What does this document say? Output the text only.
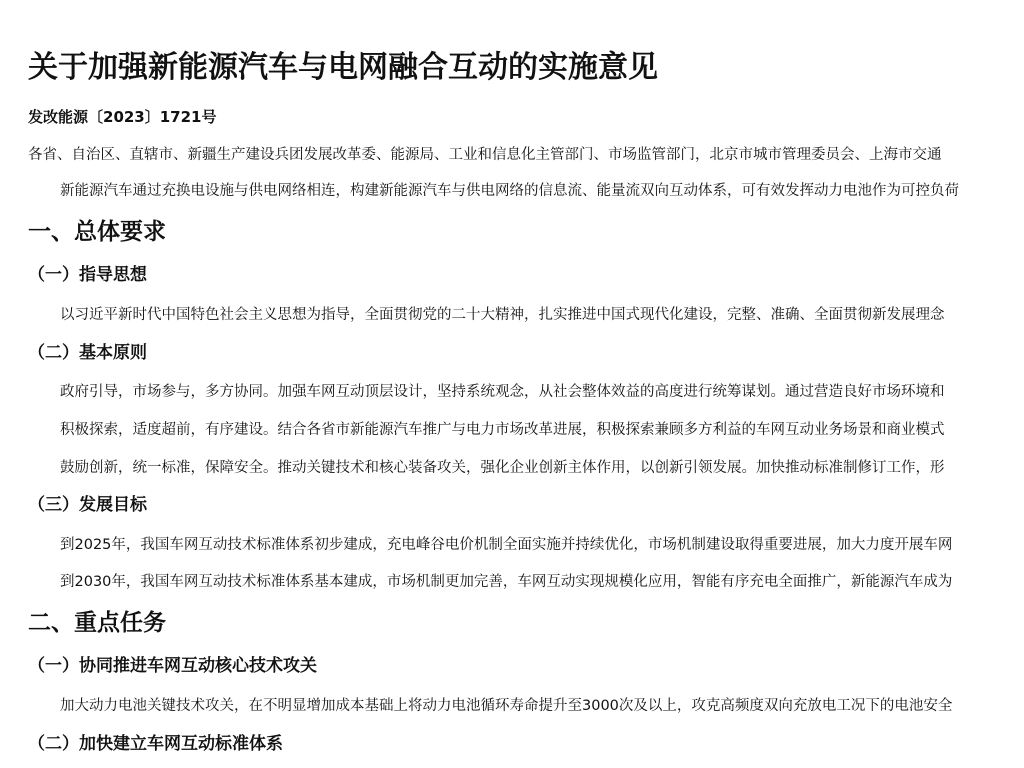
关于加强新能源汽车与电网融合互动的实施意见
发改能源〔2023〕1721号

各省、自治区、直辖市、新疆生产建设兵团发展改革委、能源局、工业和信息化主管部门、市场监管部门，北京市城市管理委员会、上海市交通

新能源汽车通过充换电设施与供电网络相连，构建新能源汽车与供电网络的信息流、能量流双向互动体系，可有效发挥动力电池作为可控负荷

一、总体要求
（一）指导思想

以习近平新时代中国特色社会主义思想为指导，全面贯彻党的二十大精神，扎实推进中国式现代化建设，完整、准确、全面贯彻新发展理念

（二）基本原则

政府引导，市场参与，多方协同。加强车网互动顶层设计，坚持系统观念，从社会整体效益的高度进行统筹谋划。通过营造良好市场环境和

积极探索，适度超前，有序建设。结合各省市新能源汽车推广与电力市场改革进展，积极探索兼顾多方利益的车网互动业务场景和商业模式

鼓励创新，统一标准，保障安全。推动关键技术和核心装备攻关，强化企业创新主体作用，以创新引领发展。加快推动标准制修订工作，形

（三）发展目标

到2025年，我国车网互动技术标准体系初步建成，充电峰谷电价机制全面实施并持续优化，市场机制建设取得重要进展，加大力度开展车网

到2030年，我国车网互动技术标准体系基本建成，市场机制更加完善，车网互动实现规模化应用，智能有序充电全面推广，新能源汽车成为

二、重点任务
（一）协同推进车网互动核心技术攻关

加大动力电池关键技术攻关，在不明显增加成本基础上将动力电池循环寿命提升至3000次及以上，攻克高频度双向充放电工况下的电池安全

（二）加快建立车网互动标准体系
